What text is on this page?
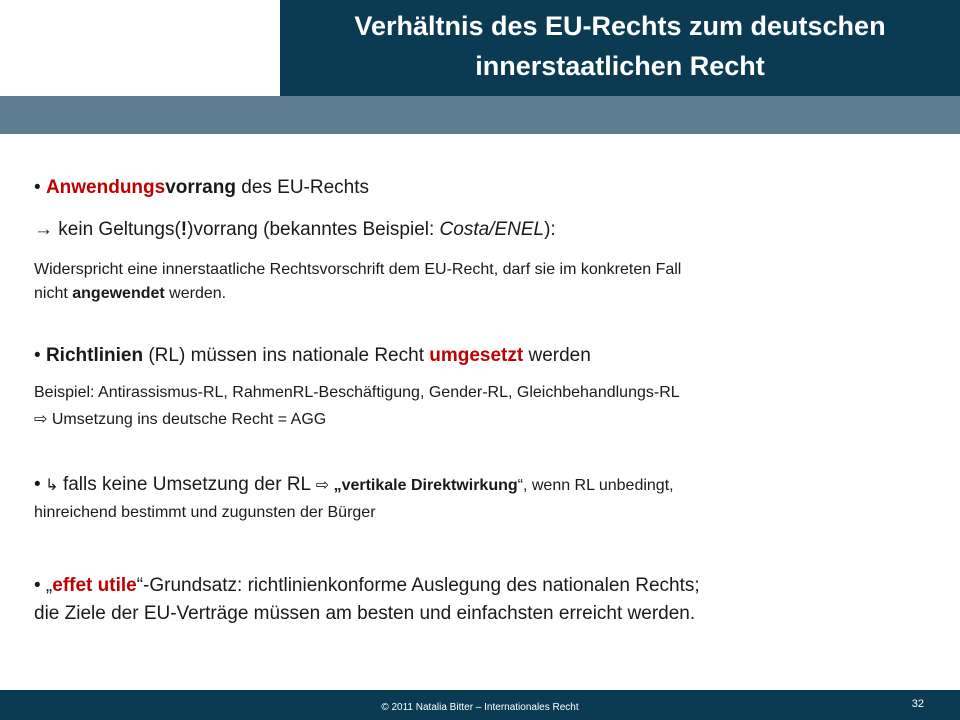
Verhältnis des EU-Rechts zum deutschen
innerstaatlichen Recht
• Anwendungsvorrang des EU-Rechts
→ kein Geltungs(!)vorrang (bekanntes Beispiel: Costa/ENEL):
Widerspricht eine innerstaatliche Rechtsvorschrift dem EU-Recht, darf sie im konkreten Fall
nicht angewendet werden.
• Richtlinien (RL) müssen ins nationale Recht umgesetzt werden
Beispiel: Antirassismus-RL, RahmenRL-Beschäftigung, Gender-RL, Gleichbehandlungs-RL
⇨ Umsetzung ins deutsche Recht = AGG
• ↳ falls keine Umsetzung der RL ⇨ „vertikale Direktwirkung“, wenn RL unbedingt,
hinreichend bestimmt und zugunsten der Bürger
• „effet utile“-Grundsatz: richtlinienkonforme Auslegung des nationalen Rechts;
die Ziele der EU-Verträge müssen am besten und einfachsten erreicht werden.
© 2011 Natalia Bitter – Internationales Recht	32
